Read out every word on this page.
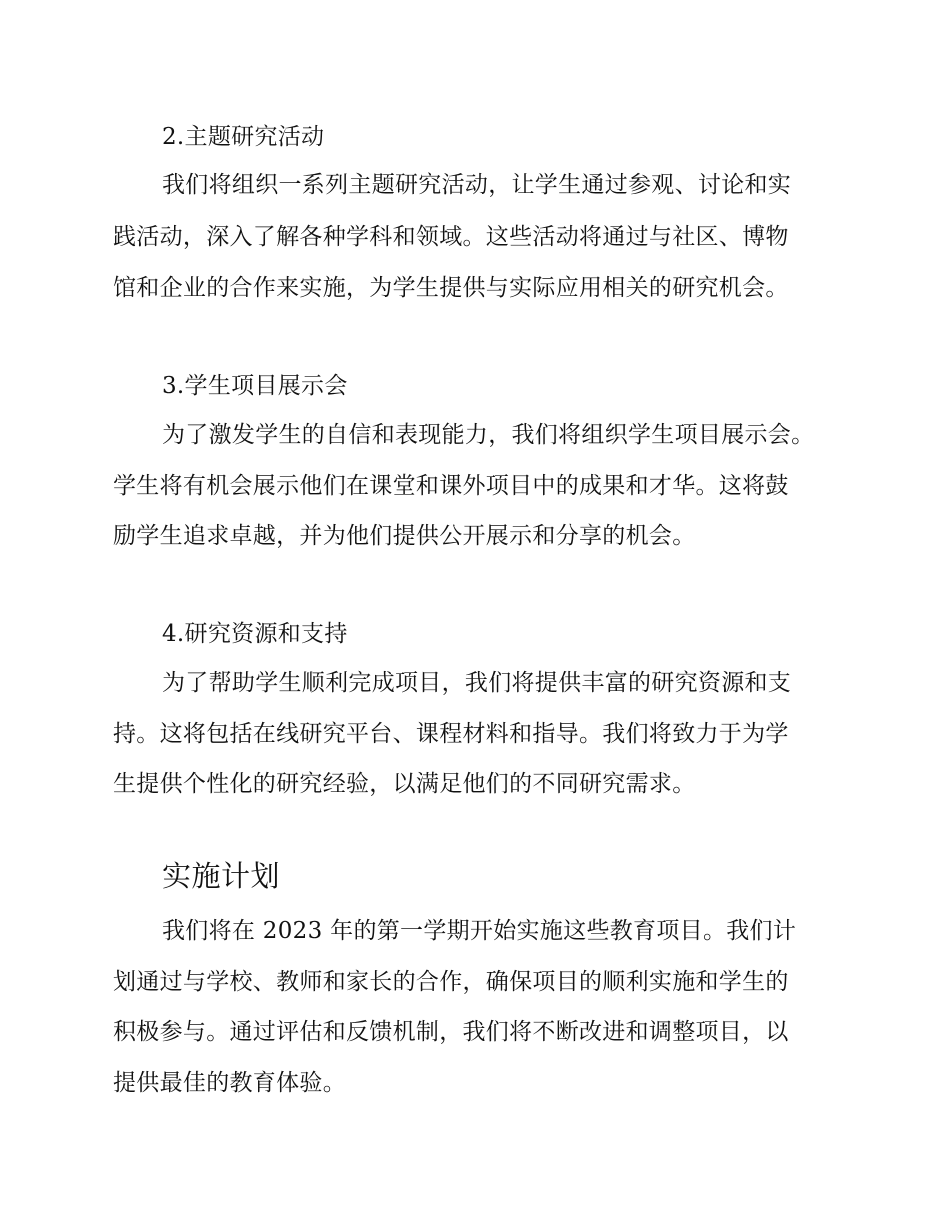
2.主题研究活动
我们将组织一系列主题研究活动，让学生通过参观、讨论和实
践活动，深入了解各种学科和领域。这些活动将通过与社区、博物
馆和企业的合作来实施，为学生提供与实际应用相关的研究机会。
3.学生项目展示会
为了激发学生的自信和表现能力，我们将组织学生项目展示会。
学生将有机会展示他们在课堂和课外项目中的成果和才华。这将鼓
励学生追求卓越，并为他们提供公开展示和分享的机会。
4.研究资源和支持
为了帮助学生顺利完成项目，我们将提供丰富的研究资源和支
持。这将包括在线研究平台、课程材料和指导。我们将致力于为学
生提供个性化的研究经验，以满足他们的不同研究需求。
实施计划
我们将在 2023 年的第一学期开始实施这些教育项目。我们计
划通过与学校、教师和家长的合作，确保项目的顺利实施和学生的
积极参与。通过评估和反馈机制，我们将不断改进和调整项目，以
提供最佳的教育体验。
